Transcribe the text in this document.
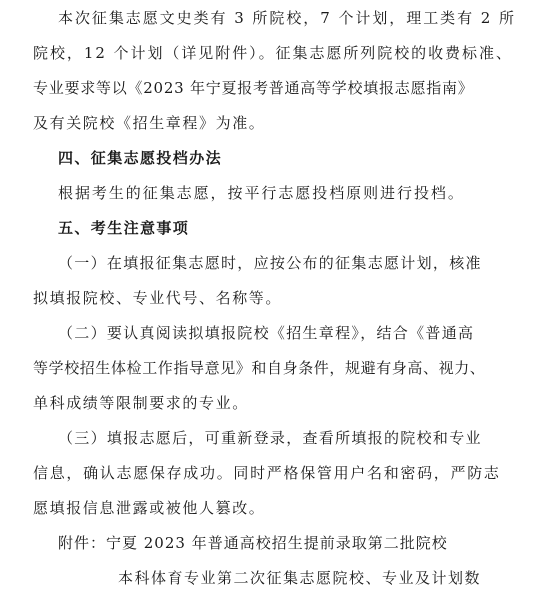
本次征集志愿文史类有 3 所院校，7 个计划，理工类有 2 所
院校，12 个计划（详见附件）。征集志愿所列院校的收费标准、
专业要求等以《2023 年宁夏报考普通高等学校填报志愿指南》
及有关院校《招生章程》为准。
四、征集志愿投档办法
根据考生的征集志愿，按平行志愿投档原则进行投档。
五、考生注意事项
（一）在填报征集志愿时，应按公布的征集志愿计划，核准
拟填报院校、专业代号、名称等。
（二）要认真阅读拟填报院校《招生章程》，结合《普通高
等学校招生体检工作指导意见》和自身条件，规避有身高、视力、
单科成绩等限制要求的专业。
（三）填报志愿后，可重新登录，查看所填报的院校和专业
信息，确认志愿保存成功。同时严格保管用户名和密码，严防志
愿填报信息泄露或被他人篡改。
附件：宁夏 2023 年普通高校招生提前录取第二批院校
本科体育专业第二次征集志愿院校、专业及计划数
